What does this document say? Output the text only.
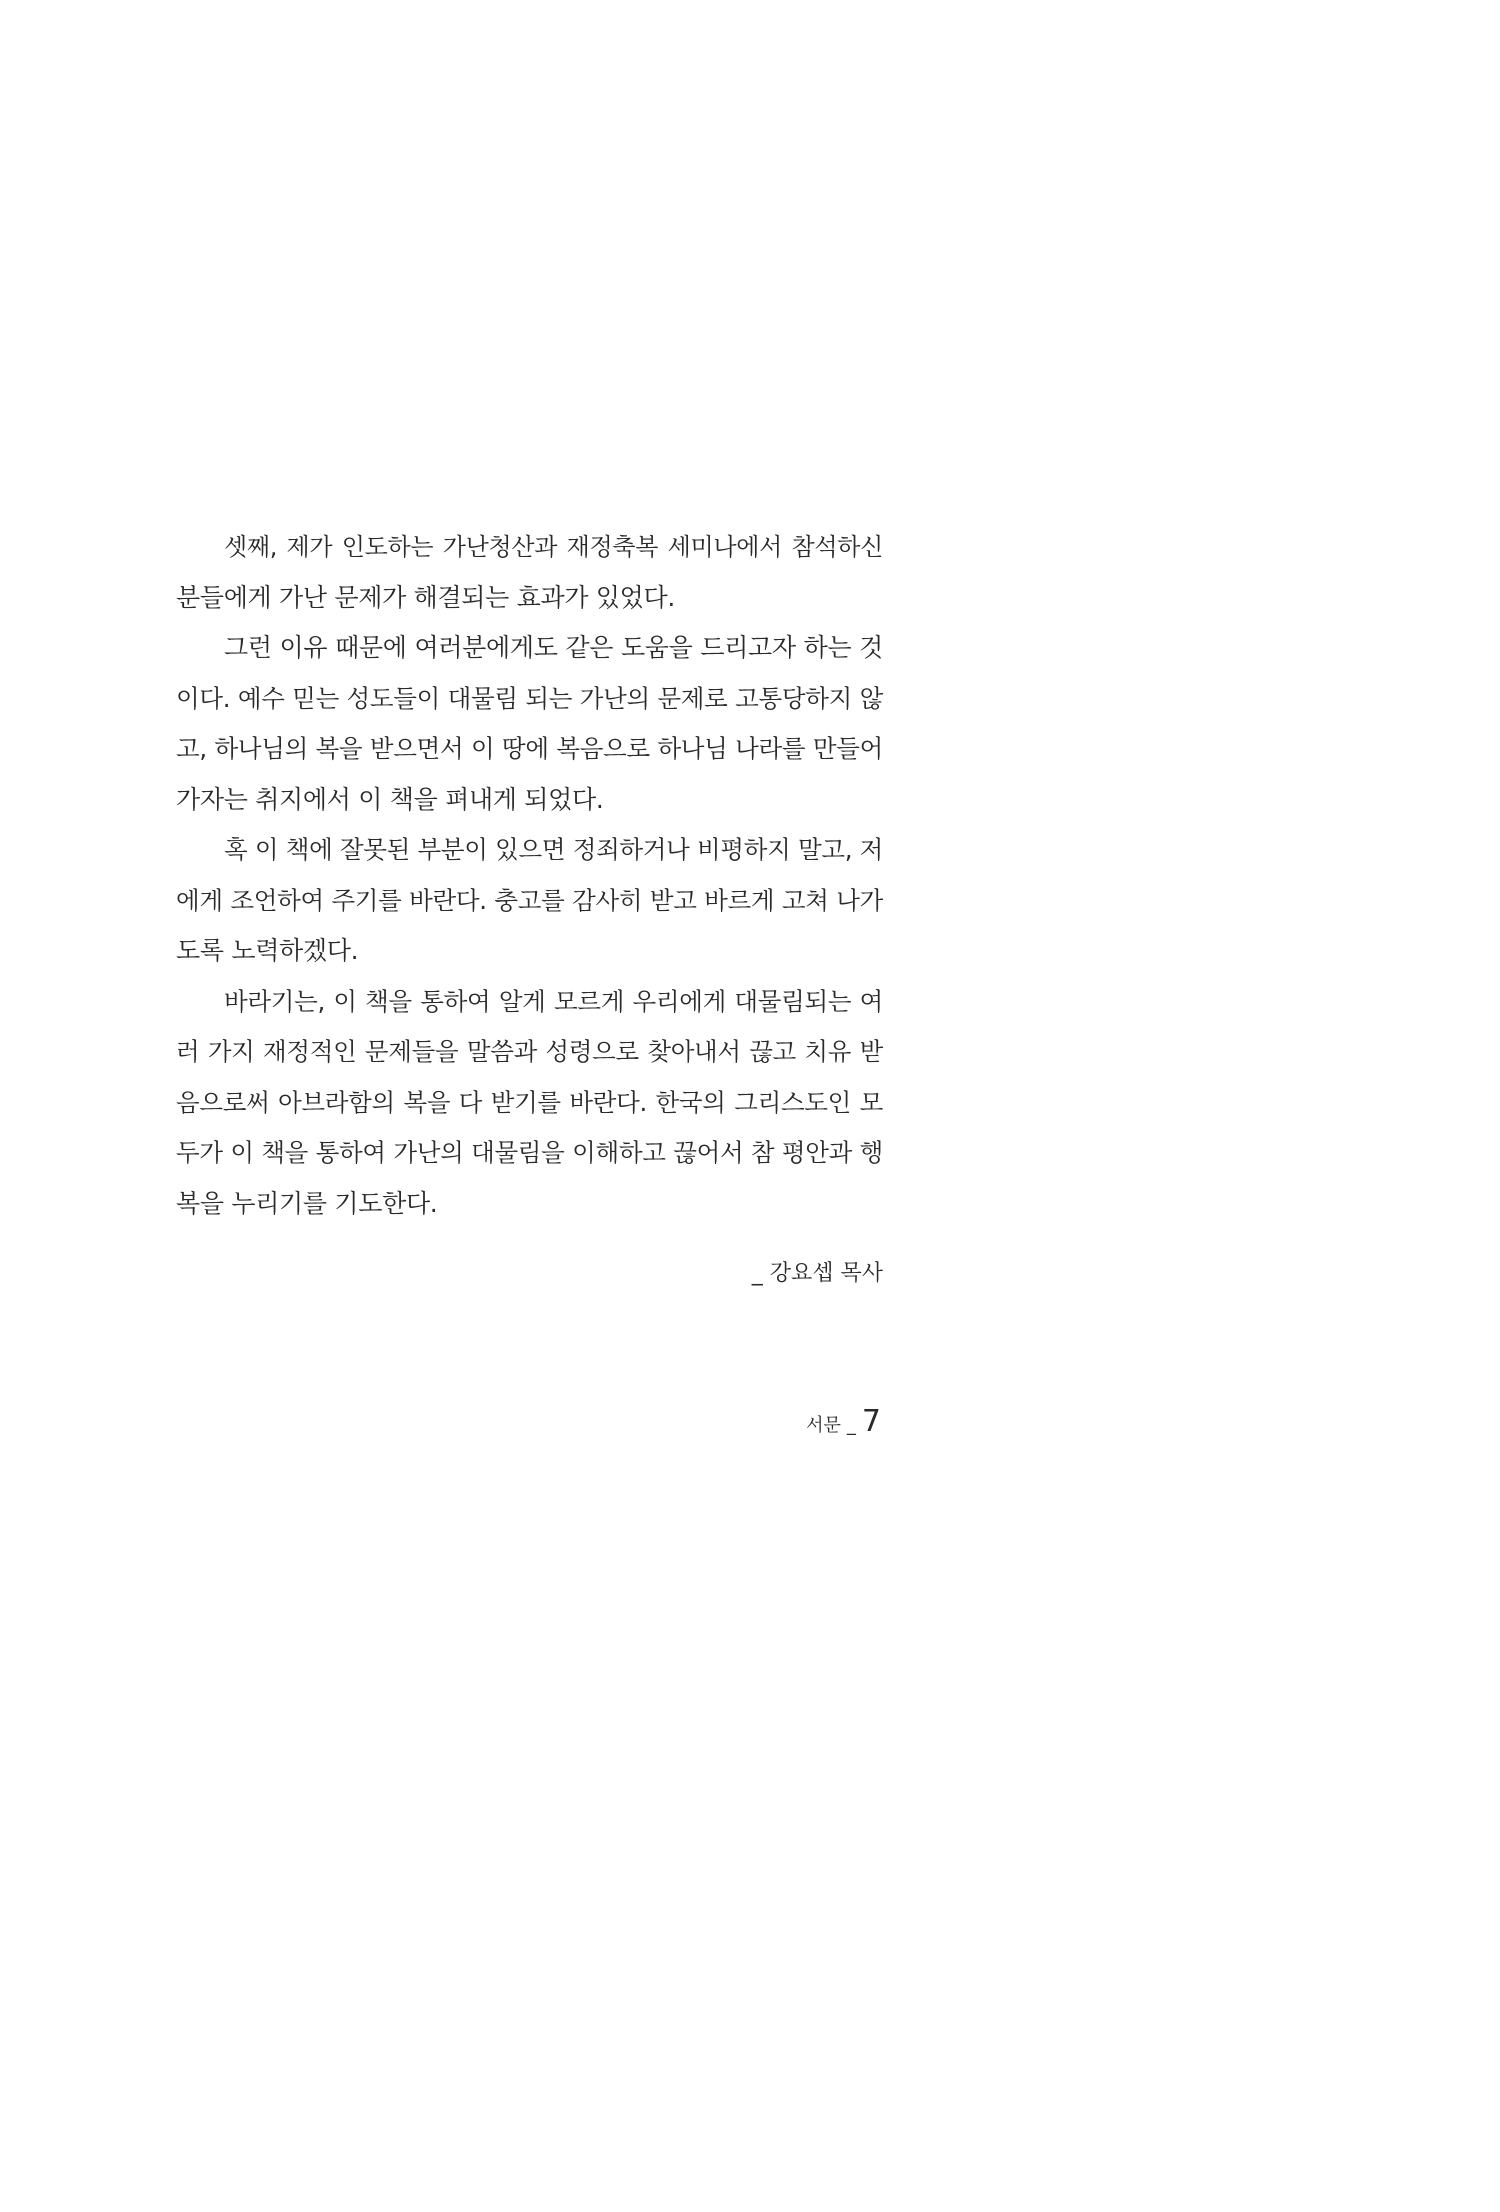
셋째, 제가 인도하는 가난청산과 재정축복 세미나에서 참석하신
분들에게 가난 문제가 해결되는 효과가 있었다.
그런 이유 때문에 여러분에게도 같은 도움을 드리고자 하는 것
이다. 예수 믿는 성도들이 대물림 되는 가난의 문제로 고통당하지 않
고, 하나님의 복을 받으면서 이 땅에 복음으로 하나님 나라를 만들어
가자는 취지에서 이 책을 펴내게 되었다.
혹 이 책에 잘못된 부분이 있으면 정죄하거나 비평하지 말고, 저
에게 조언하여 주기를 바란다. 충고를 감사히 받고 바르게 고쳐 나가
도록 노력하겠다.
바라기는, 이 책을 통하여 알게 모르게 우리에게 대물림되는 여
러 가지 재정적인 문제들을 말씀과 성령으로 찾아내서 끊고 치유 받
음으로써 아브라함의 복을 다 받기를 바란다. 한국의 그리스도인 모
두가 이 책을 통하여 가난의 대물림을 이해하고 끊어서 참 평안과 행
복을 누리기를 기도한다.
_ 강요셉 목사
서문 _ 7
